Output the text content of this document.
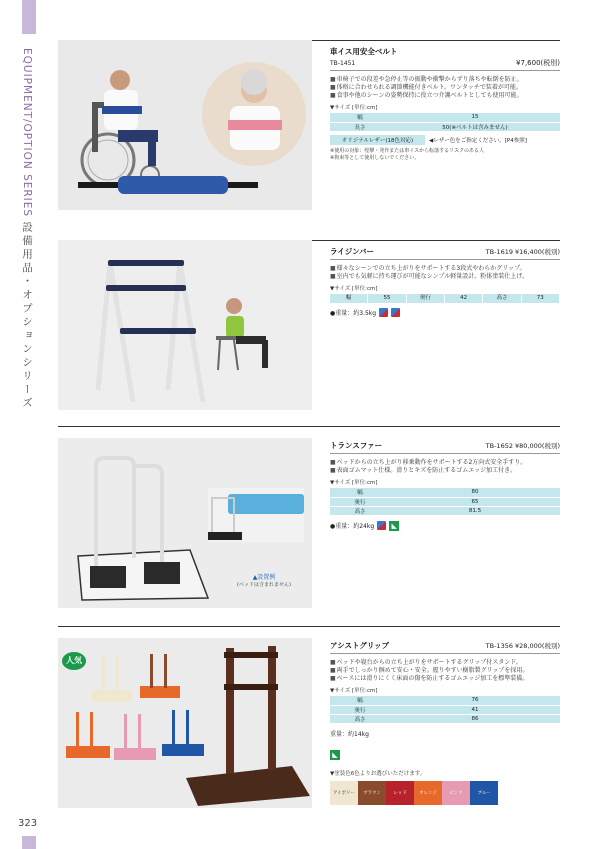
EQUIPMENT/OPTION SERIES 設備用品・オプションシリーズ
323
車イス用安全ベルト
TB-1451	¥7,600(税別)
■ 車椅子での段差や急停止等の振動や衝撃からずり落ちや転倒を防止。
■ 体格に合わせられる調節機能付きベルト。ワンタッチで装着が可能。
■ 食事や他のシーンの姿勢保持に役立つ介護ベルトとしても使用可能。
▼サイズ [単位:cm]
幅	15
長さ	50(※ベルトは含みません)
オリジナルレザー(18色対応)	◀レザー色をご指定ください。[P4参照]
※使用の対象：痙攣・発作または車イスから転落するリスクのある人
※拘束等として使用しないでください。
ライジンバー	TB-1619 ¥16,400(税別)
■ 様々なシーンでの立ち上がりをサポートする3段式やわらかグリップ。
■ 室内でも気軽に持ち運びが可能なシンプル軽量設計。粉体塗装仕上げ。
▼サイズ [単位:cm]
幅	55	奥行	42	高さ	73
●重量：約3.5kg
▲設置例
(ベッドは含まれません)
トランスファー	TB-1652 ¥80,000(税別)
■ ベッドからの立ち上がり移乗動作をサポートする2方向式安全手すり。
■ 表面ゴムマット仕様。滑りとキズを防止するゴムエッジ加工付き。
▼サイズ [単位:cm]
幅	80
奥行	65
高さ	81.5
●重量：約24kg	◣
人気
アシストグリップ	TB-1356 ¥28,000(税別)
■ ベッドや寝台からの立ち上がりをサポートするグリップ付スタンド。
■ 両手でしっかり掴めて安心・安全。握りやすい樹脂製グリップを採用。
■ ベースには滑りにくく床面の傷を防止するゴムエッジ加工を標準装備。
▼サイズ [単位:cm]
幅	76
奥行	41
高さ	86
重量：約14kg
◣
▼塗装色6色よりお選びいただけます。
アイボリー ブラウン	レッド	オレンジ	ピンク	ブルー
